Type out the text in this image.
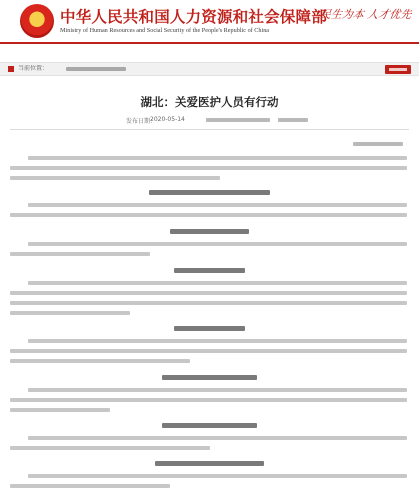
★	中华人民共和国人力资源和社会保障部
Ministry of Human Resources and Social Security of the People's Republic of China
民生为本 人才优先
当前位置：
湖北：关爱医护人员有行动
发布日期：
2020-05-14
